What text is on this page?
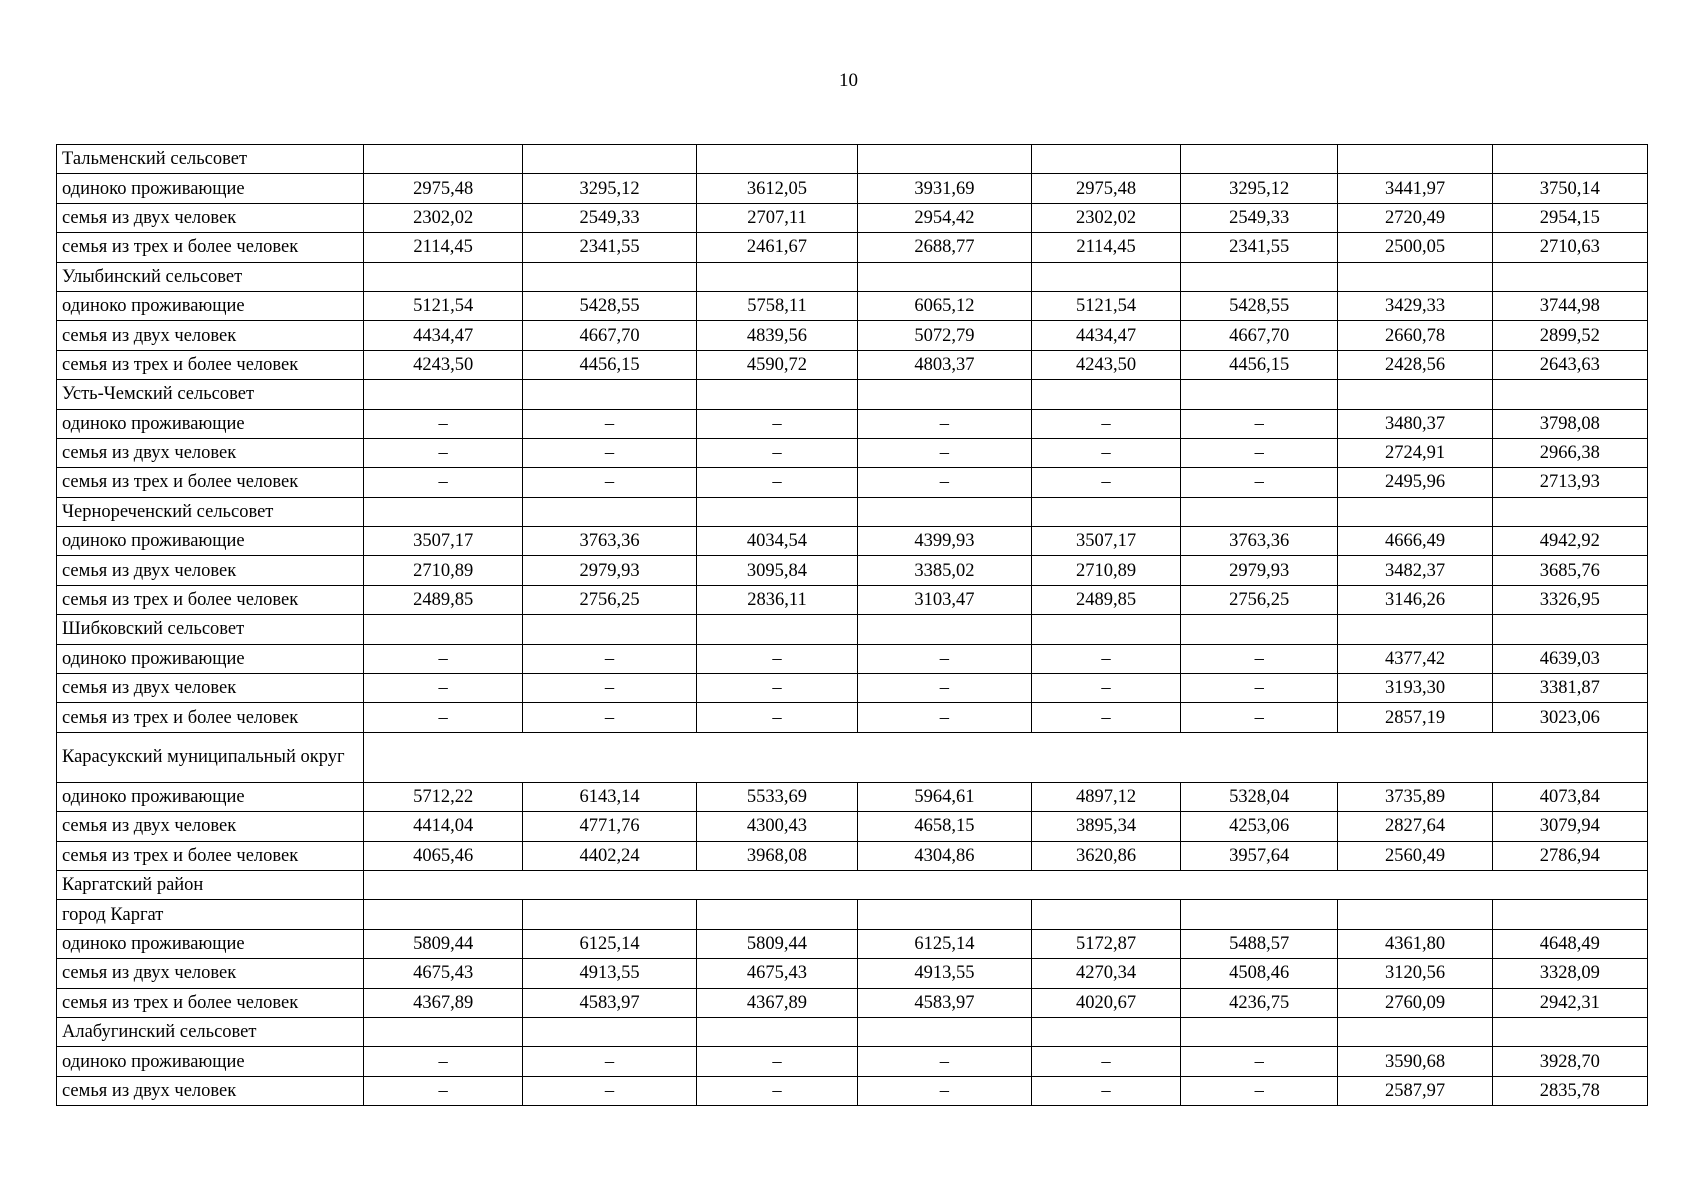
10
Тальменский сельсовет								
одиноко проживающие	2975,48	3295,12	3612,05	3931,69	2975,48	3295,12	3441,97	3750,14
семья из двух человек	2302,02	2549,33	2707,11	2954,42	2302,02	2549,33	2720,49	2954,15
семья из трех и более человек	2114,45	2341,55	2461,67	2688,77	2114,45	2341,55	2500,05	2710,63
Улыбинский сельсовет								
одиноко проживающие	5121,54	5428,55	5758,11	6065,12	5121,54	5428,55	3429,33	3744,98
семья из двух человек	4434,47	4667,70	4839,56	5072,79	4434,47	4667,70	2660,78	2899,52
семья из трех и более человек	4243,50	4456,15	4590,72	4803,37	4243,50	4456,15	2428,56	2643,63
Усть-Чемский сельсовет								
одиноко проживающие	–	–	–	–	–	–	3480,37	3798,08
семья из двух человек	–	–	–	–	–	–	2724,91	2966,38
семья из трех и более человек	–	–	–	–	–	–	2495,96	2713,93
Чернореченский сельсовет								
одиноко проживающие	3507,17	3763,36	4034,54	4399,93	3507,17	3763,36	4666,49	4942,92
семья из двух человек	2710,89	2979,93	3095,84	3385,02	2710,89	2979,93	3482,37	3685,76
семья из трех и более человек	2489,85	2756,25	2836,11	3103,47	2489,85	2756,25	3146,26	3326,95
Шибковский сельсовет								
одиноко проживающие	–	–	–	–	–	–	4377,42	4639,03
семья из двух человек	–	–	–	–	–	–	3193,30	3381,87
семья из трех и более человек	–	–	–	–	–	–	2857,19	3023,06
Карасукский муниципальный округ								
одиноко проживающие	5712,22	6143,14	5533,69	5964,61	4897,12	5328,04	3735,89	4073,84
семья из двух человек	4414,04	4771,76	4300,43	4658,15	3895,34	4253,06	2827,64	3079,94
семья из трех и более человек	4065,46	4402,24	3968,08	4304,86	3620,86	3957,64	2560,49	2786,94
Каргатский район								
город Каргат								
одиноко проживающие	5809,44	6125,14	5809,44	6125,14	5172,87	5488,57	4361,80	4648,49
семья из двух человек	4675,43	4913,55	4675,43	4913,55	4270,34	4508,46	3120,56	3328,09
семья из трех и более человек	4367,89	4583,97	4367,89	4583,97	4020,67	4236,75	2760,09	2942,31
Алабугинский сельсовет								
одиноко проживающие	–	–	–	–	–	–	3590,68	3928,70
семья из двух человек	–	–	–	–	–	–	2587,97	2835,78
